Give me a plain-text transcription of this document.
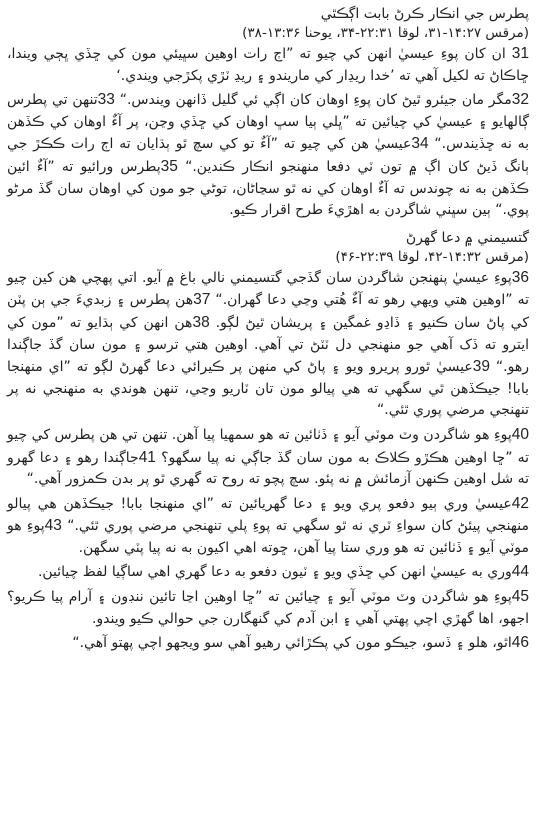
پطرس جي انڪار ڪرڻ بابت اڳڪٿي
(مرقس ۱۴:۲۷-۳۱، لوقا ۲۲:۳۱-۳۴، يوحنا ۱۳:۳۶-۳۸)

31 ان کان پوءِ عيسيٰ انهن کي چيو ته ”اڄ رات اوهين سڀيئي مون کي ڇڏي ڀڄي ويندا، ڇاڪاڻ ته لکيل آهي ته ’خدا ريڍار کي ماريندو ۽ ريڍ ٽڙي پکڙجي ويندي.‘

32مگر مان جيئرو ٿيڻ کان پوءِ اوهان کان اڳي ئي گليل ڏانهن ويندس.“ 33تنهن تي پطرس ڳالهايو ۽ عيسيٰ کي چيائين ته ”ڀلي ٻيا سڀ اوهان کي ڇڏي وڃن، پر آءٌ اوهان کي ڪڏهن به نه ڇڏيندس.“ 34عيسيٰ هن کي چيو ته ”آءٌ تو کي سچ ٿو ٻڌايان ته اڄ رات ڪڪڙ جي ٻانگ ڏيڻ کان اڳ ۾ تون ٽي دفعا منهنجو انڪار ڪندين.“ 35پطرس ورائيو ته ”آءٌ ائين ڪڏهن به نه چوندس ته آءٌ اوهان کي نه ٿو سڃاڻان، توڻي جو مون کي اوهان سان گڏ مرڻو پوي.“ ٻين سڀني شاگردن به اهڙيءَ طرح اقرار ڪيو.

گتسيمني ۾ دعا گهرڻ
(مرقس ۱۴:۳۲-۴۲، لوقا ۲۲:۳۹-۴۶)

36پوءِ عيسيٰ پنهنجن شاگردن سان گڏجي گتسيمني نالي باغ ۾ آيو. اتي پهچي هن کين چيو ته ”اوهين هتي ويهي رهو ته آءٌ هُتي وڃي دعا گهران.“ 37هن پطرس ۽ زبديءَ جي ٻن پٽن کي پاڻ سان ڪنيو ۽ ڏاڍو غمگين ۽ پريشان ٿيڻ لڳو. 38هن انهن کي ٻڌايو ته ”مون کي ايترو ته ڏک آهي جو منهنجي دل ٽٽڻ تي آهي. اوهين هتي ترسو ۽ مون سان گڏ جاڳندا رهو.“ 39عيسيٰ ٿورو پريرو ويو ۽ پاڻ کي منهن پر ڪيرائي دعا گهرڻ لڳو ته ”اي منهنجا بابا! جيڪڏهن ٿي سگهي ته هي پيالو مون تان ٽاريو وڃي، تنهن هوندي به منهنجي نه پر تنهنجي مرضي پوري ٿئي.“

40پوءِ هو شاگردن وٽ موٽي آيو ۽ ڏٺائين ته هو سمهيا پيا آهن. تنهن تي هن پطرس کي چيو ته ”ڇا اوهين هڪڙو ڪلاڪ به مون سان گڏ جاڳي نه پيا سگهو؟ 41جاڳندا رهو ۽ دعا گهرو ته شل اوهين ڪنهن آزمائش ۾ نه پئو. سچ پچو ته روح ته گهري ٿو پر بدن ڪمزور آهي.“

42عيسيٰ وري ٻيو دفعو پري ويو ۽ دعا گهريائين ته ”اي منهنجا بابا! جيڪڏهن هي پيالو منهنجي پيئڻ کان سواءِ ٽري نه ٿو سگهي ته پوءِ پلي تنهنجي مرضي پوري ٿئي.“ 43پوءِ هو موٽي آيو ۽ ڏٺائين ته هو وري ستا پيا آهن، ڇوته اهي اکيون به نه پيا پٽي سگهن.

44وري به عيسيٰ انهن کي ڇڏي ويو ۽ ٽيون دفعو به دعا گهري اهي ساڳيا لفظ چيائين.

45پوءِ هو شاگردن وٽ موٽي آيو ۽ چيائين ته ”ڇا اوهين اڃا تائين ننڊون ۽ آرام پيا ڪريو؟ اجهو، اها گهڙي اچي پهتي آهي ۽ ابن آدم کي گنهگارن جي حوالي ڪيو ويندو.

46اٿو، هلو ۽ ڏسو، جيڪو مون کي پڪڙائي رهيو آهي سو ويجهو اچي پهتو آهي.“
